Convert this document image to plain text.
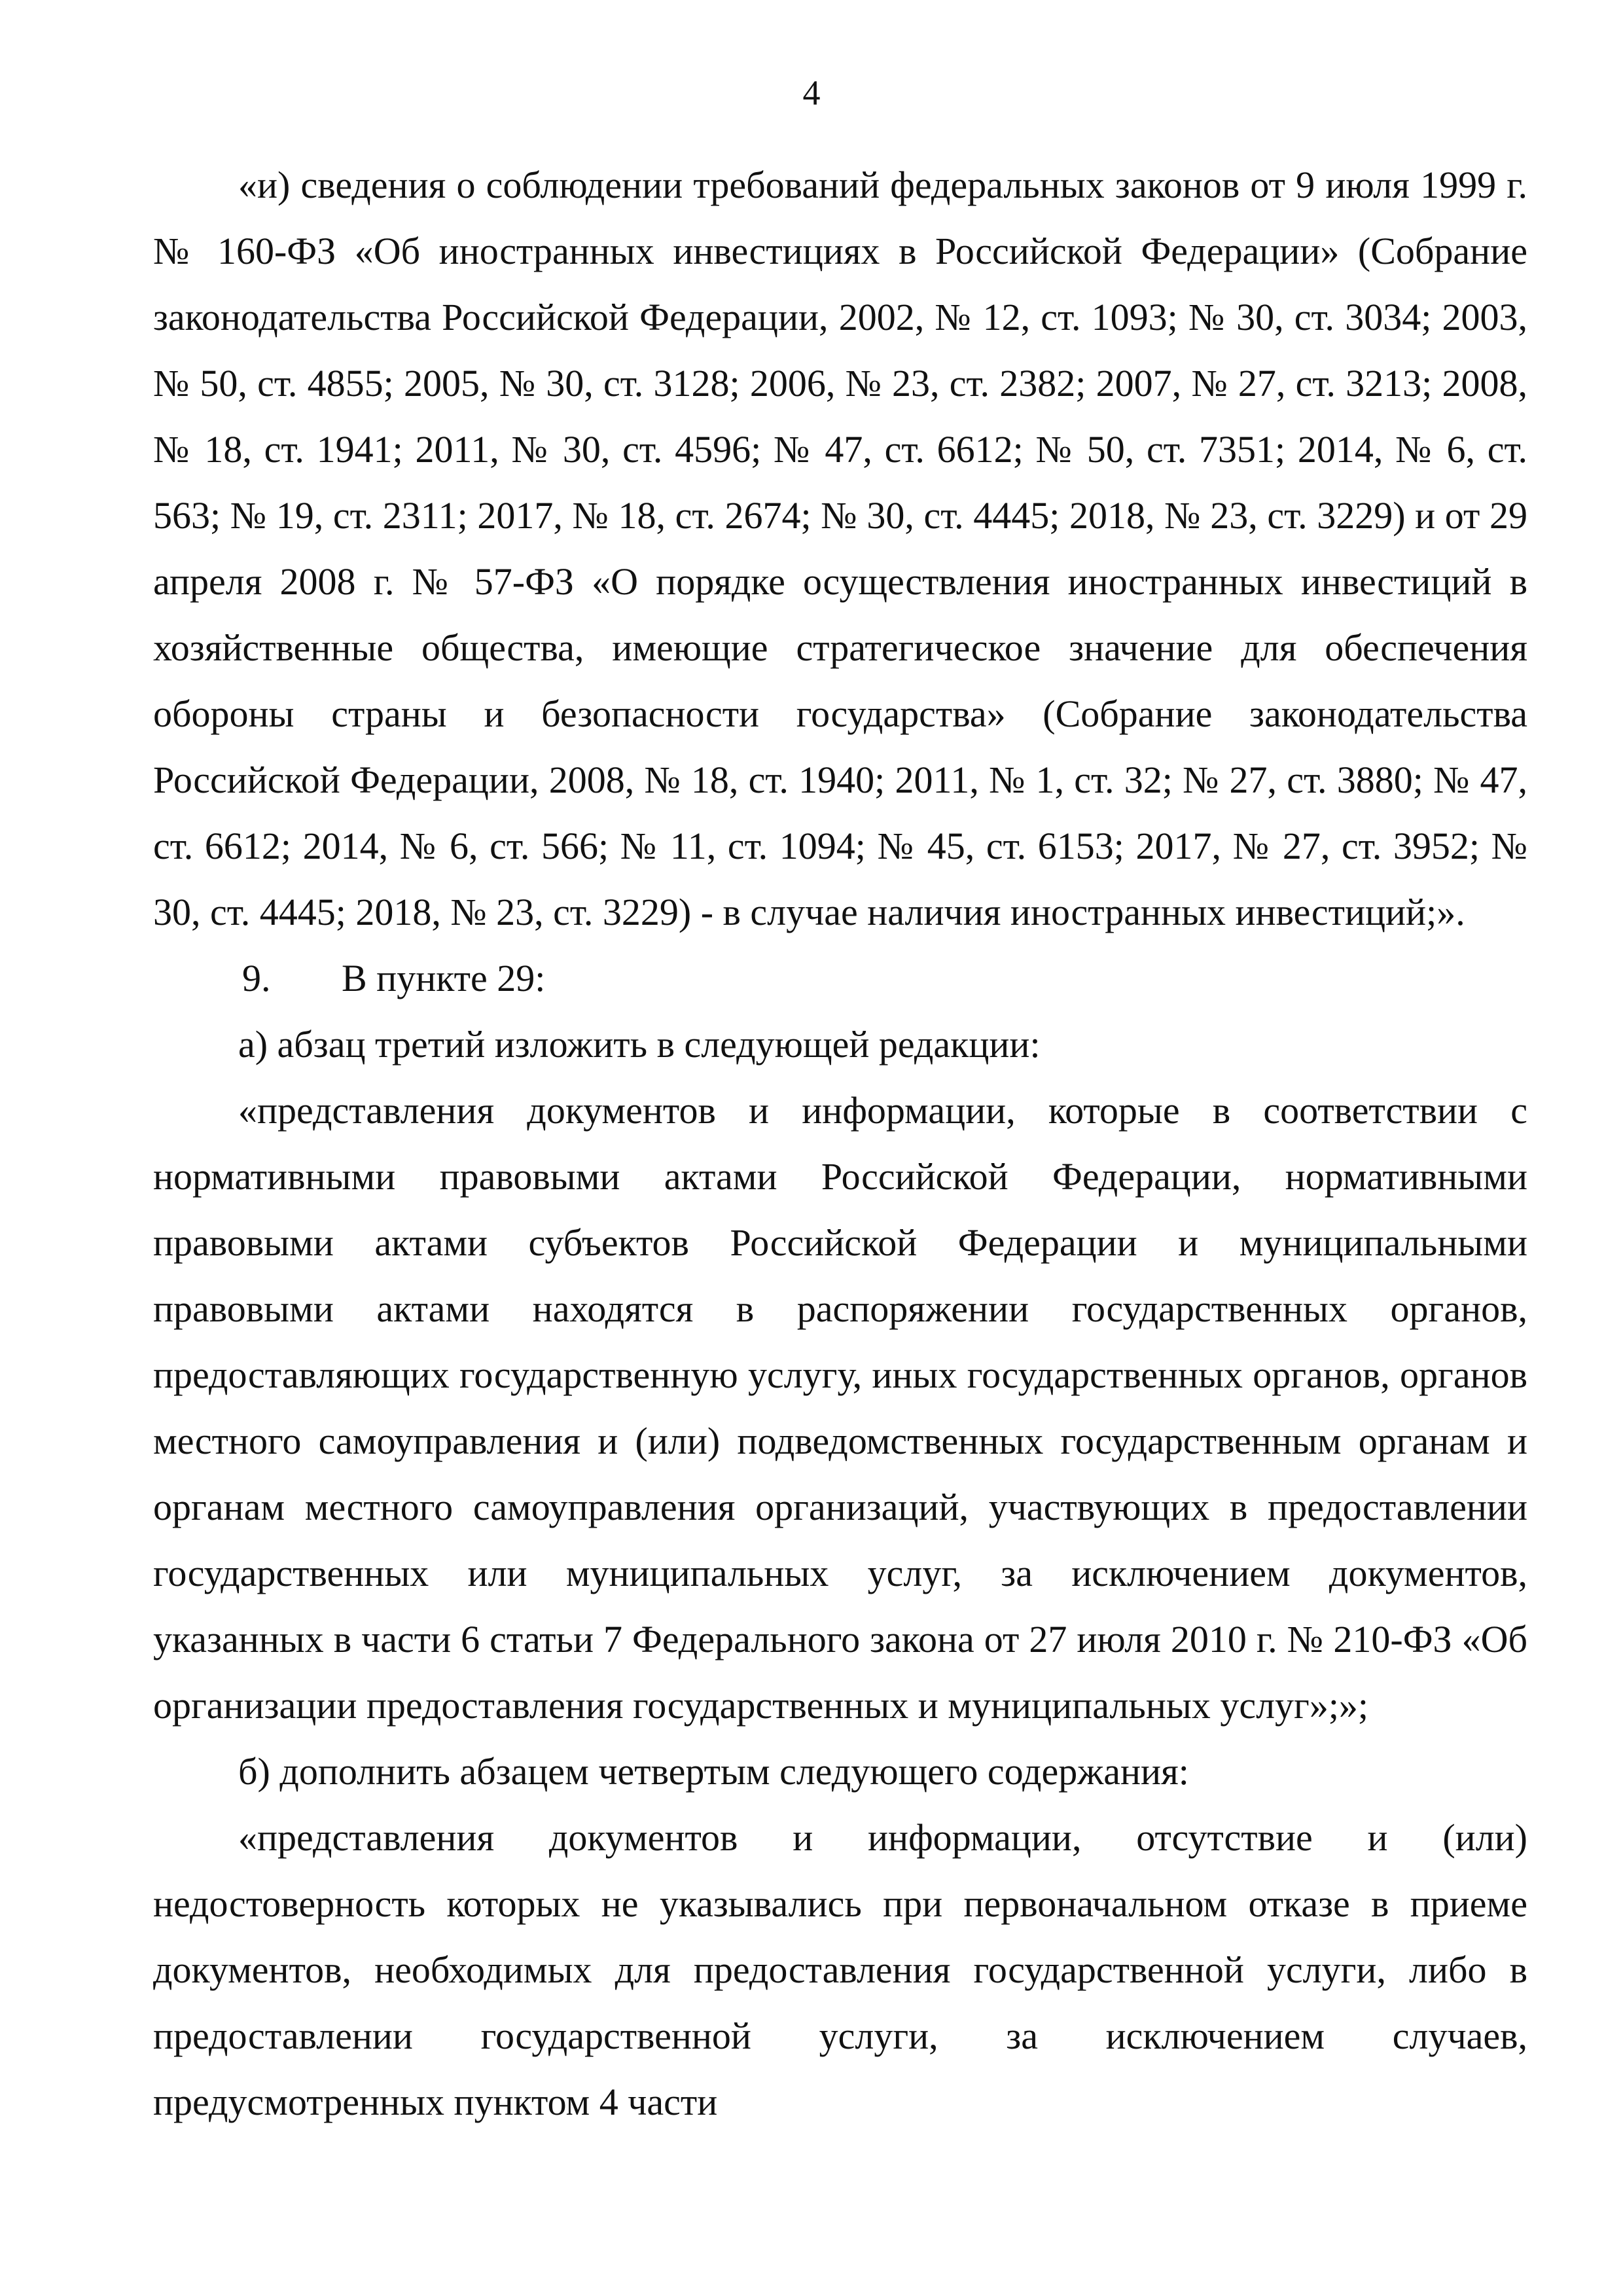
4

«и) сведения о соблюдении требований федеральных законов от 9 июля 1999 г. № 160-ФЗ «Об иностранных инвестициях в Российской Федерации» (Собрание законодательства Российской Федерации, 2002, № 12, ст. 1093; № 30, ст. 3034; 2003, № 50, ст. 4855; 2005, № 30, ст. 3128; 2006, № 23, ст. 2382; 2007, № 27, ст. 3213; 2008, № 18, ст. 1941; 2011, № 30, ст. 4596; № 47, ст. 6612; № 50, ст. 7351; 2014, № 6, ст. 563; № 19, ст. 2311; 2017, № 18, ст. 2674; № 30, ст. 4445; 2018, № 23, ст. 3229) и от 29 апреля 2008 г. № 57-ФЗ «О порядке осуществления иностранных инвестиций в хозяйственные общества, имеющие стратегическое значение для обеспечения обороны страны и безопасности государства» (Собрание законодательства Российской Федерации, 2008, № 18, ст. 1940; 2011, № 1, ст. 32; № 27, ст. 3880; № 47, ст. 6612; 2014, № 6, ст. 566; № 11, ст. 1094; № 45, ст. 6153; 2017, № 27, ст. 3952; № 30, ст. 4445; 2018, № 23, ст. 3229) - в случае наличия иностранных инвестиций;».

9. В пункте 29:

а) абзац третий изложить в следующей редакции:

«представления документов и информации, которые в соответствии с нормативными правовыми актами Российской Федерации, нормативными правовыми актами субъектов Российской Федерации и муниципальными правовыми актами находятся в распоряжении государственных органов, предоставляющих государственную услугу, иных государственных органов, органов местного самоуправления и (или) подведомственных государственным органам и органам местного самоуправления организаций, участвующих в предоставлении государственных или муниципальных услуг, за исключением документов, указанных в части 6 статьи 7 Федерального закона от 27 июля 2010 г. № 210-ФЗ «Об организации предоставления государственных и муниципальных услуг»;»;

б) дополнить абзацем четвертым следующего содержания:

«представления документов и информации, отсутствие и (или) недостоверность которых не указывались при первоначальном отказе в приеме документов, необходимых для предоставления государственной услуги, либо в предоставлении государственной услуги, за исключением случаев, предусмотренных пунктом 4 части
